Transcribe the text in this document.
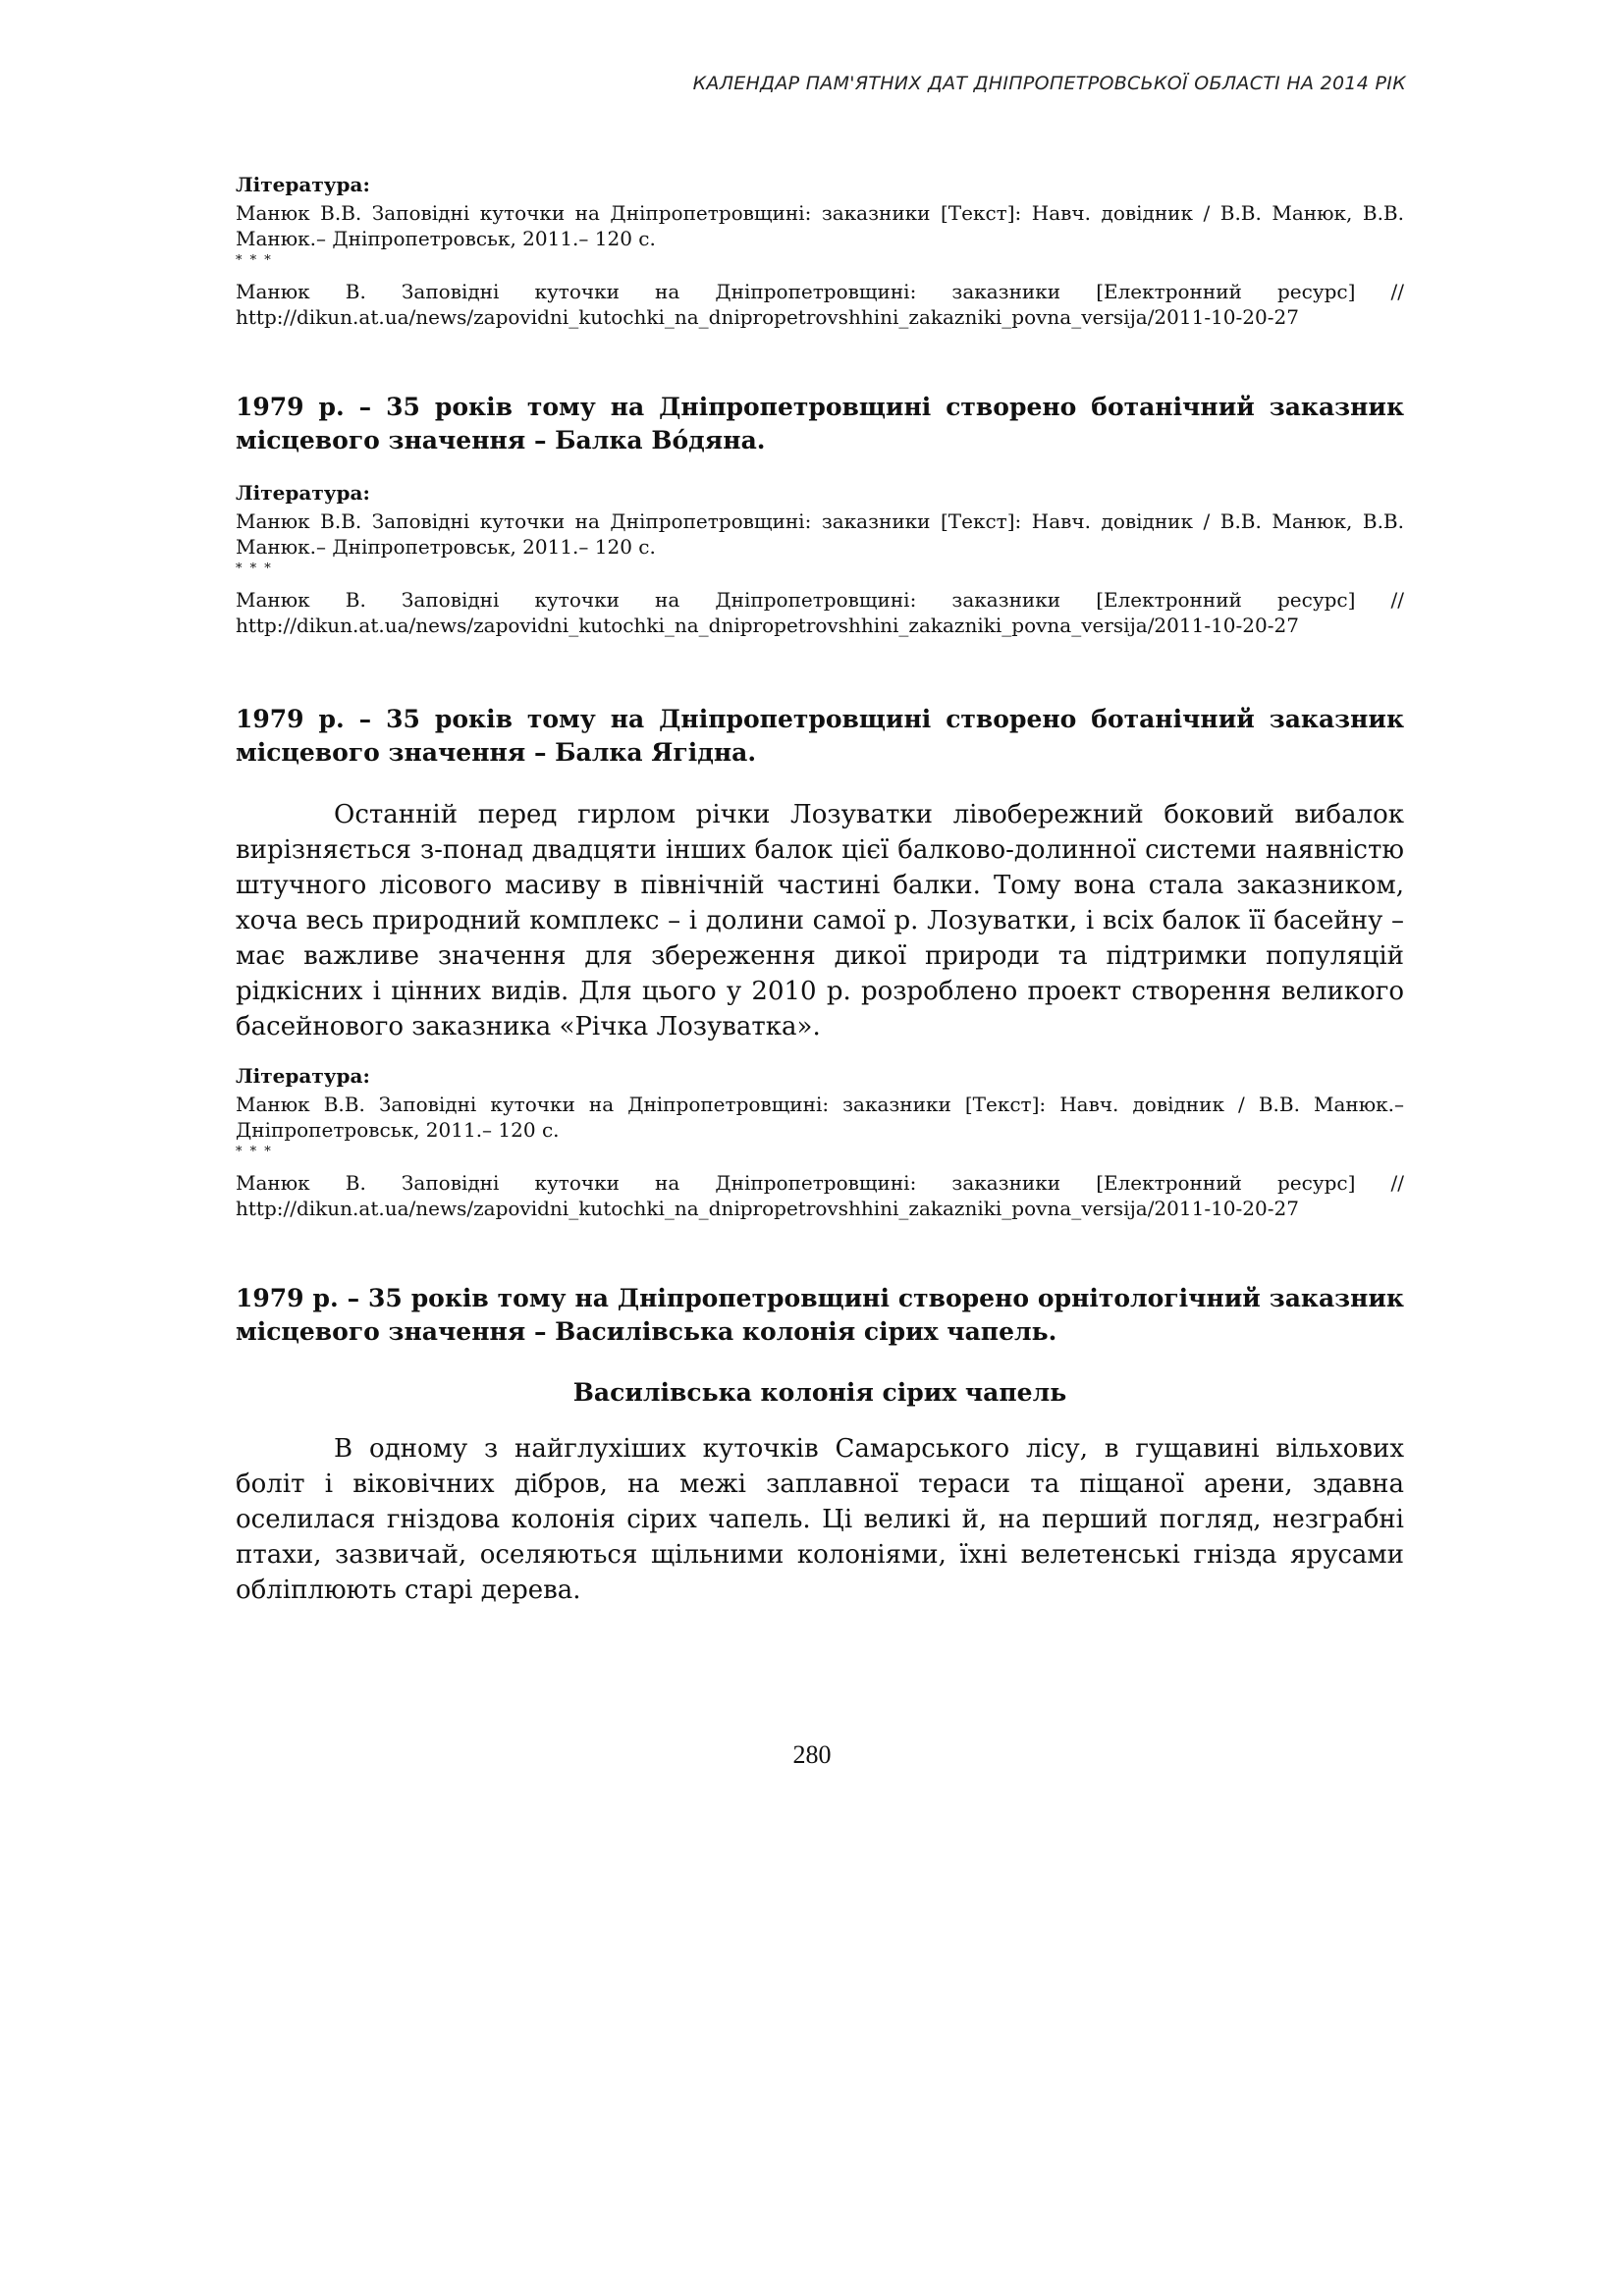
КАЛЕНДАР ПАМ'ЯТНИХ ДАТ ДНІПРОПЕТРОВСЬКОЇ ОБЛАСТІ НА 2014 РІК

Література:

Манюк В.В. Заповідні куточки на Дніпропетровщині: заказники [Текст]: Навч. довідник / В.В. Манюк, В.В. Манюк.– Дніпропетровськ, 2011.– 120 с.

* * *

Манюк В. Заповідні куточки на Дніпропетровщині: заказники [Електронний ресурс] // http://dikun.at.ua/news/zapovidni_kutochki_na_dnipropetrovshhini_zakazniki_povna_versija/2011-10-20-27

1979 р. – 35 років тому на Дніпропетровщині створено ботанічний заказник місцевого значення – Балка Вóдяна.

Література:

Манюк В.В. Заповідні куточки на Дніпропетровщині: заказники [Текст]: Навч. довідник / В.В. Манюк, В.В. Манюк.– Дніпропетровськ, 2011.– 120 с.

* * *

Манюк В. Заповідні куточки на Дніпропетровщині: заказники [Електронний ресурс] // http://dikun.at.ua/news/zapovidni_kutochki_na_dnipropetrovshhini_zakazniki_povna_versija/2011-10-20-27

1979 р. – 35 років тому на Дніпропетровщині створено ботанічний заказник місцевого значення – Балка Ягідна.

Останній перед гирлом річки Лозуватки лівобережний боковий вибалок вирізняється з-понад двадцяти інших балок цієї балково-долинної системи наявністю штучного лісового масиву в північній частині балки. Тому вона стала заказником, хоча весь природний комплекс – і долини самої р. Лозуватки, і всіх балок її басейну – має важливе значення для збереження дикої природи та підтримки популяцій рідкісних і цінних видів. Для цього у 2010 р. розроблено проект створення великого басейнового заказника «Річка Лозуватка».

Література:

Манюк В.В. Заповідні куточки на Дніпропетровщині: заказники [Текст]: Навч. довідник / В.В. Манюк.– Дніпропетровськ, 2011.– 120 с.

* * *

Манюк В. Заповідні куточки на Дніпропетровщині: заказники [Електронний ресурс] // http://dikun.at.ua/news/zapovidni_kutochki_na_dnipropetrovshhini_zakazniki_povna_versija/2011-10-20-27

1979 р. – 35 років тому на Дніпропетровщині створено орнітологічний заказник місцевого значення – Василівська колонія сірих чапель.

Василівська колонія сірих чапель

В одному з найглухіших куточків Самарського лісу, в гущавині вільхових боліт і віковічних дібров, на межі заплавної тераси та піщаної арени, здавна оселилася гніздова колонія сірих чапель. Ці великі й, на перший погляд, незграбні птахи, зазвичай, оселяються щільними колоніями, їхні велетенські гнізда ярусами обліплюють старі дерева.

280
